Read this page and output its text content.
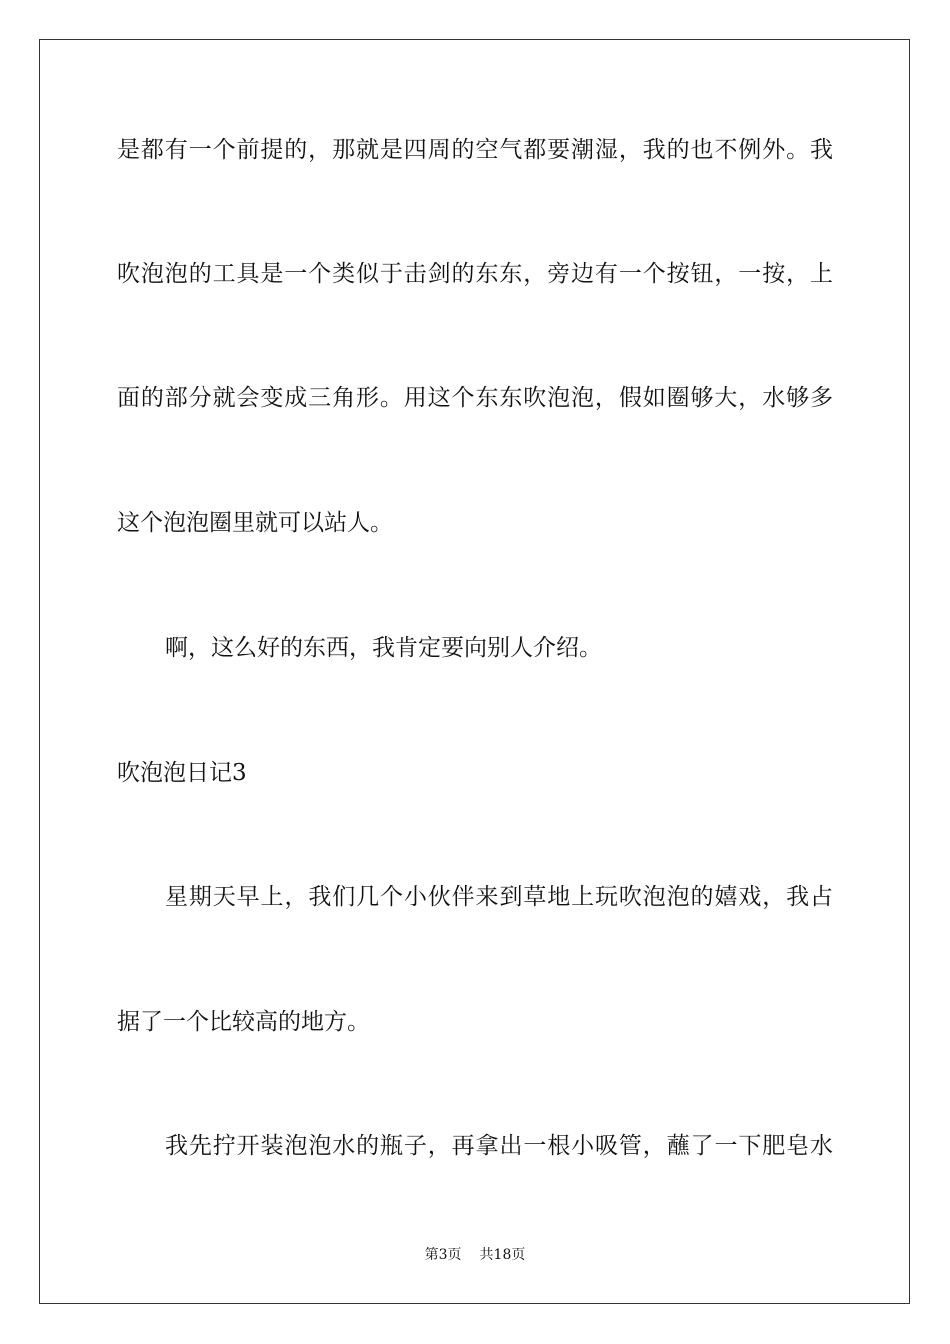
是都有一个前提的，那就是四周的空气都要潮湿，我的也不例外。我
吹泡泡的工具是一个类似于击剑的东东，旁边有一个按钮，一按，上
面的部分就会变成三角形。用这个东东吹泡泡，假如圈够大，水够多
这个泡泡圈里就可以站人。
啊，这么好的东西，我肯定要向别人介绍。
吹泡泡日记3
星期天早上，我们几个小伙伴来到草地上玩吹泡泡的嬉戏，我占
据了一个比较高的地方。
我先拧开装泡泡水的瓶子，再拿出一根小吸管，蘸了一下肥皂水
第3页 共18页
